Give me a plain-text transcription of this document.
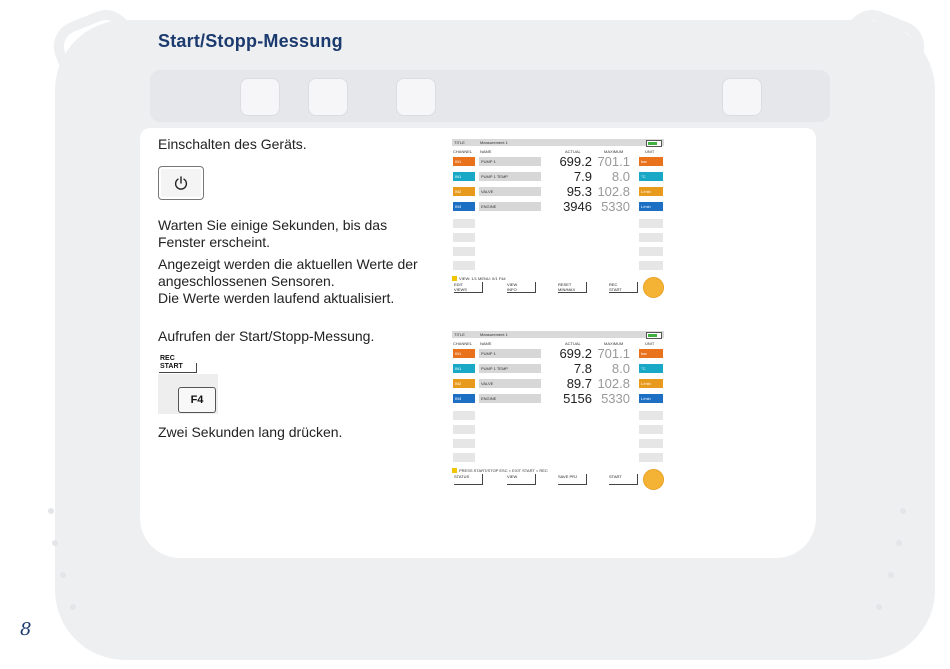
Start/Stopp-Messung
Einschalten des Geräts.
Warten Sie einige Sekunden, bis das
Fenster erscheint.
Angezeigt werden die aktuellen Werte der
angeschlossenen Sensoren.
Die Werte werden laufend aktualisiert.
Aufrufen der Start/Stopp-Messung.
REC
START
F4
Zwei Sekunden lang drücken.
TITLE	Measurement 1
CHANNEL NAME	ACTUAL	MAXIMUM	UNIT
IN1	PUMP 1	699.2 701.1	bar
IN1	PUMP 1 TEMP	7.9	8.0	°C
IN2	VALVE	95.3 102.8	L/min
IN3	ENGINE	3946 5330	L/min
VIEW: 1/1 MENU: 0/1 F4#
EDIT
VIEWS
VIEW
INFO
RESET
MIN/MAX
REC
START
TITLE	Measurement 1
CHANNEL NAME	ACTUAL	MAXIMUM	UNIT
IN1	PUMP 1	699.2 701.1	bar
IN1	PUMP 1 TEMP	7.8	8.0	°C
IN2	VALVE	89.7 102.8	L/min
IN3	ENGINE	5156 5330	L/min
PRESS START/STOP ESC = EXIT START = REC
STATUS	VIEW	SAVE PRJ	START
8
